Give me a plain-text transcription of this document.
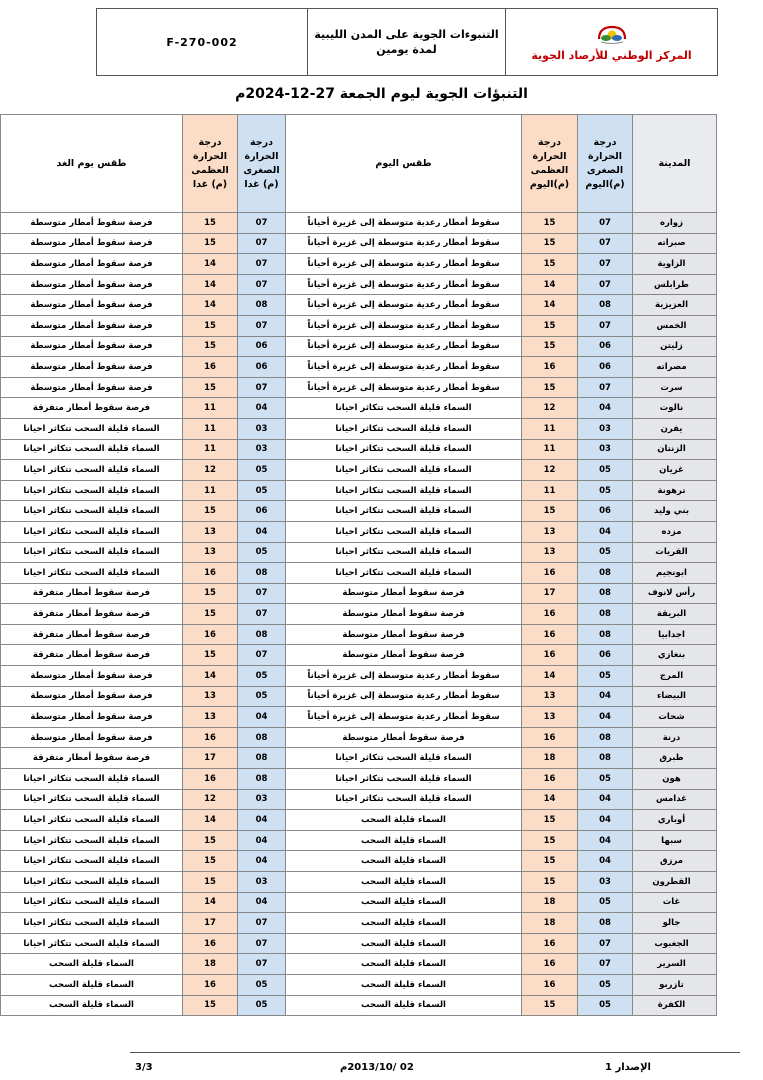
المركز الوطني للأرصاد الجوية
التنبوءات الجوية على المدن الليبية
لمدة يومين
F-270-002
التنبؤات الجوية ليوم الجمعة 27-12-2024م
المدينة	درجة الحرارة الصغرى (م)اليوم	درجة الحرارة العظمى (م)اليوم	طقس اليوم	درجة الحرارة الصغرى (م) غدا	درجة الحرارة العظمى (م) غدا	طقس يوم الغد
زواره	07	15	سقوط أمطار رعدية متوسطة إلى غزيرة أحياناً	07	15	فرصة سقوط أمطار متوسطة
صبراته	07	15	سقوط أمطار رعدية متوسطة إلى غزيرة أحياناً	07	15	فرصة سقوط أمطار متوسطة
الزاوية	07	15	سقوط أمطار رعدية متوسطة إلى غزيرة أحياناً	07	14	فرصة سقوط أمطار متوسطة
طرابلس	07	14	سقوط أمطار رعدية متوسطة إلى غزيرة أحياناً	07	14	فرصة سقوط أمطار متوسطة
العزيزية	08	14	سقوط أمطار رعدية متوسطة إلى غزيرة أحياناً	08	14	فرصة سقوط أمطار متوسطة
الخمس	07	15	سقوط أمطار رعدية متوسطة إلى غزيرة أحياناً	07	15	فرصة سقوط أمطار متوسطة
زليتن	06	15	سقوط أمطار رعدية متوسطة إلى غزيرة أحياناً	06	15	فرصة سقوط أمطار متوسطة
مصراته	06	16	سقوط أمطار رعدية متوسطة إلى غزيرة أحياناً	06	16	فرصة سقوط أمطار متوسطة
سرت	07	15	سقوط أمطار رعدية متوسطة إلى غزيرة أحياناً	07	15	فرصة سقوط أمطار متوسطة
نالوت	04	12	السماء قليلة السحب تتكاثر احيانا	04	11	فرصة سقوط أمطار متفرقة
يفرن	03	11	السماء قليلة السحب تتكاثر احيانا	03	11	السماء قليلة السحب تتكاثر احيانا
الزنتان	03	11	السماء قليلة السحب تتكاثر احيانا	03	11	السماء قليلة السحب تتكاثر احيانا
غريان	05	12	السماء قليلة السحب تتكاثر احيانا	05	12	السماء قليلة السحب تتكاثر احيانا
ترهونة	05	11	السماء قليلة السحب تتكاثر احيانا	05	11	السماء قليلة السحب تتكاثر احيانا
بني وليد	06	15	السماء قليلة السحب تتكاثر احيانا	06	15	السماء قليلة السحب تتكاثر احيانا
مزده	04	13	السماء قليلة السحب تتكاثر احيانا	04	13	السماء قليلة السحب تتكاثر احيانا
القريات	05	13	السماء قليلة السحب تتكاثر احيانا	05	13	السماء قليلة السحب تتكاثر احيانا
ابونجيم	08	16	السماء قليلة السحب تتكاثر احيانا	08	16	السماء قليلة السحب تتكاثر احيانا
رأس لانوف	08	17	فرصة سقوط أمطار متوسطة	07	15	فرصة سقوط أمطار متفرقة
البريقة	08	16	فرصة سقوط أمطار متوسطة	07	15	فرصة سقوط أمطار متفرقة
اجدابيا	08	16	فرصة سقوط أمطار متوسطة	08	16	فرصة سقوط أمطار متفرقة
بنغازي	06	16	فرصة سقوط أمطار متوسطة	07	15	فرصة سقوط أمطار متفرقة
المرج	05	14	سقوط أمطار رعدية متوسطة إلى غزيرة أحياناً	05	14	فرصة سقوط أمطار متوسطة
البيضاء	04	13	سقوط أمطار رعدية متوسطة إلى غزيرة أحياناً	05	13	فرصة سقوط أمطار متوسطة
شحات	04	13	سقوط أمطار رعدية متوسطة إلى غزيرة أحياناً	04	13	فرصة سقوط أمطار متوسطة
درنة	08	16	فرصة سقوط أمطار متوسطة	08	16	فرصة سقوط أمطار متوسطة
طبرق	08	18	السماء قليلة السحب تتكاثر احيانا	08	17	فرصة سقوط أمطار متفرقة
هون	05	16	السماء قليلة السحب تتكاثر احيانا	08	16	السماء قليلة السحب تتكاثر احيانا
غدامس	04	14	السماء قليلة السحب تتكاثر احيانا	03	12	السماء قليلة السحب تتكاثر احيانا
أوباري	04	15	السماء قليلة السحب	04	14	السماء قليلة السحب تتكاثر احيانا
سبها	04	15	السماء قليلة السحب	04	15	السماء قليلة السحب تتكاثر احيانا
مرزق	04	15	السماء قليلة السحب	04	15	السماء قليلة السحب تتكاثر احيانا
القطرون	03	15	السماء قليلة السحب	03	15	السماء قليلة السحب تتكاثر احيانا
غات	05	18	السماء قليلة السحب	04	14	السماء قليلة السحب تتكاثر احيانا
جالو	08	18	السماء قليلة السحب	07	17	السماء قليلة السحب تتكاثر احيانا
الجغبوب	07	16	السماء قليلة السحب	07	16	السماء قليلة السحب تتكاثر احيانا
السرير	07	16	السماء قليلة السحب	07	18	السماء قليلة السحب
تازربو	05	16	السماء قليلة السحب	05	16	السماء قليلة السحب
الكفرة	05	15	السماء قليلة السحب	05	15	السماء قليلة السحب
الإصدار 1
02 /2013/10م
3/3
